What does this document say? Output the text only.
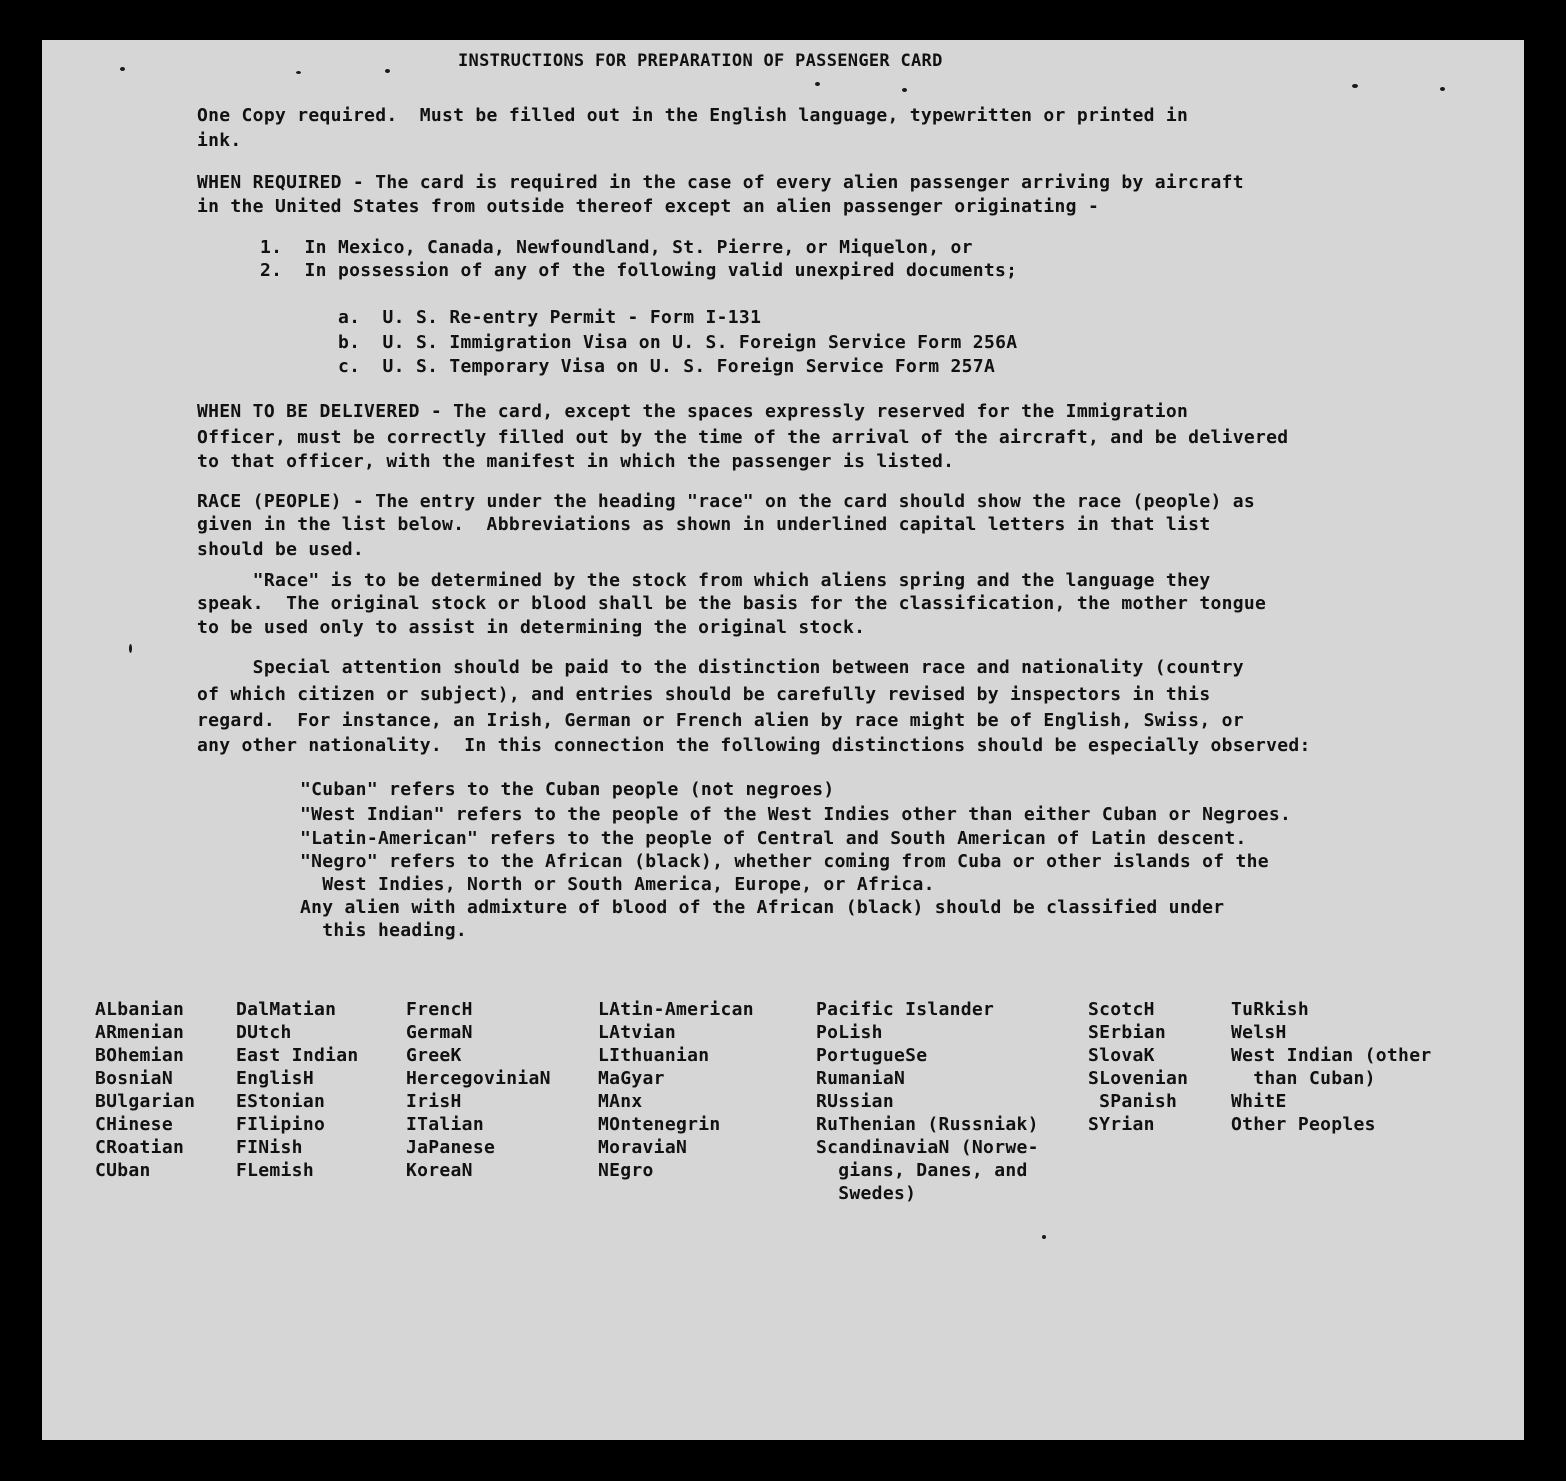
INSTRUCTIONS FOR PREPARATION OF PASSENGER CARD

One Copy required.  Must be filled out in the English language, typewritten or printed in

ink.

WHEN REQUIRED - The card is required in the case of every alien passenger arriving by aircraft

in the United States from outside thereof except an alien passenger originating -

1.  In Mexico, Canada, Newfoundland, St. Pierre, or Miquelon, or

2.  In possession of any of the following valid unexpired documents;

a.  U. S. Re-entry Permit - Form I-131

b.  U. S. Immigration Visa on U. S. Foreign Service Form 256A

c.  U. S. Temporary Visa on U. S. Foreign Service Form 257A

WHEN TO BE DELIVERED - The card, except the spaces expressly reserved for the Immigration

Officer, must be correctly filled out by the time of the arrival of the aircraft, and be delivered

to that officer, with the manifest in which the passenger is listed.

RACE (PEOPLE) - The entry under the heading "race" on the card should show the race (people) as

given in the list below.  Abbreviations as shown in underlined capital letters in that list

should be used.

"Race" is to be determined by the stock from which aliens spring and the language they

speak.  The original stock or blood shall be the basis for the classification, the mother tongue

to be used only to assist in determining the original stock.

Special attention should be paid to the distinction between race and nationality (country

of which citizen or subject), and entries should be carefully revised by inspectors in this

regard.  For instance, an Irish, German or French alien by race might be of English, Swiss, or

any other nationality.  In this connection the following distinctions should be especially observed:

"Cuban" refers to the Cuban people (not negroes)

"West Indian" refers to the people of the West Indies other than either Cuban or Negroes.

"Latin-American" refers to the people of Central and South American of Latin descent.

"Negro" refers to the African (black), whether coming from Cuba or other islands of the

West Indies, North or South America, Europe, or Africa.

Any alien with admixture of blood of the African (black) should be classified under

this heading.

ALbanian
ARmenian
BOhemian
BosniaN
BUlgarian
CHinese
CRoatian
CUban
DalMatian
DUtch
East Indian
EnglisH
EStonian
FIlipino
FINish
FLemish
FrencH
GermaN
GreeK
HercegoviniaN
IrisH
ITalian
JaPanese
KoreaN
LAtin-American
LAtvian
LIthuanian
MaGyar
MAnx
MOntenegrin
MoraviaN
NEgro
Pacific Islander
PoLish
PortugueSe
RumaniaN
RUssian
RuThenian (Russniak)
ScandinaviaN (Norwe-
gians, Danes, and
Swedes)
ScotcH
SErbian
SlovaK
SLovenian
SPanish
SYrian
TuRkish
WelsH
West Indian (other
than Cuban)
WhitE
Other Peoples
